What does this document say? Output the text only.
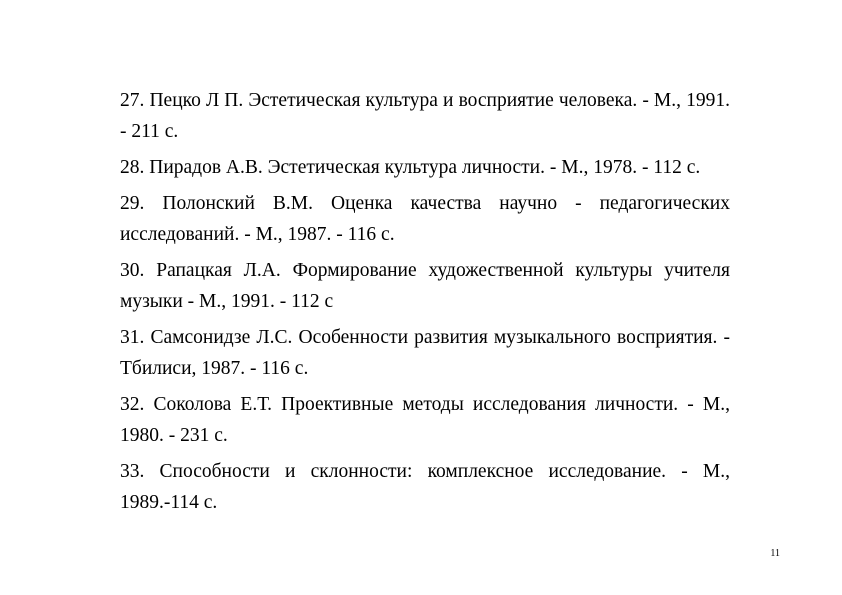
27. Пецко Л П. Эстетическая культура и восприятие человека. - М., 1991. - 211 с.

28. Пирадов А.В. Эстетическая культура личности. - М., 1978. - 112 с.

29. Полонский В.М. Оценка качества научно - педагогических исследований. - М., 1987. - 116 с.

30. Рапацкая Л.А. Формирование художественной культуры учителя музыки - М., 1991. - 112 с

31. Самсонидзе Л.С. Особенности развития музыкального восприятия. - Тбилиси, 1987. - 116 с.

32. Соколова Е.Т. Проективные методы исследования личности. - М., 1980. - 231 с.

33. Способности и склонности: комплексное исследование. - М., 1989.-114 с.

11
